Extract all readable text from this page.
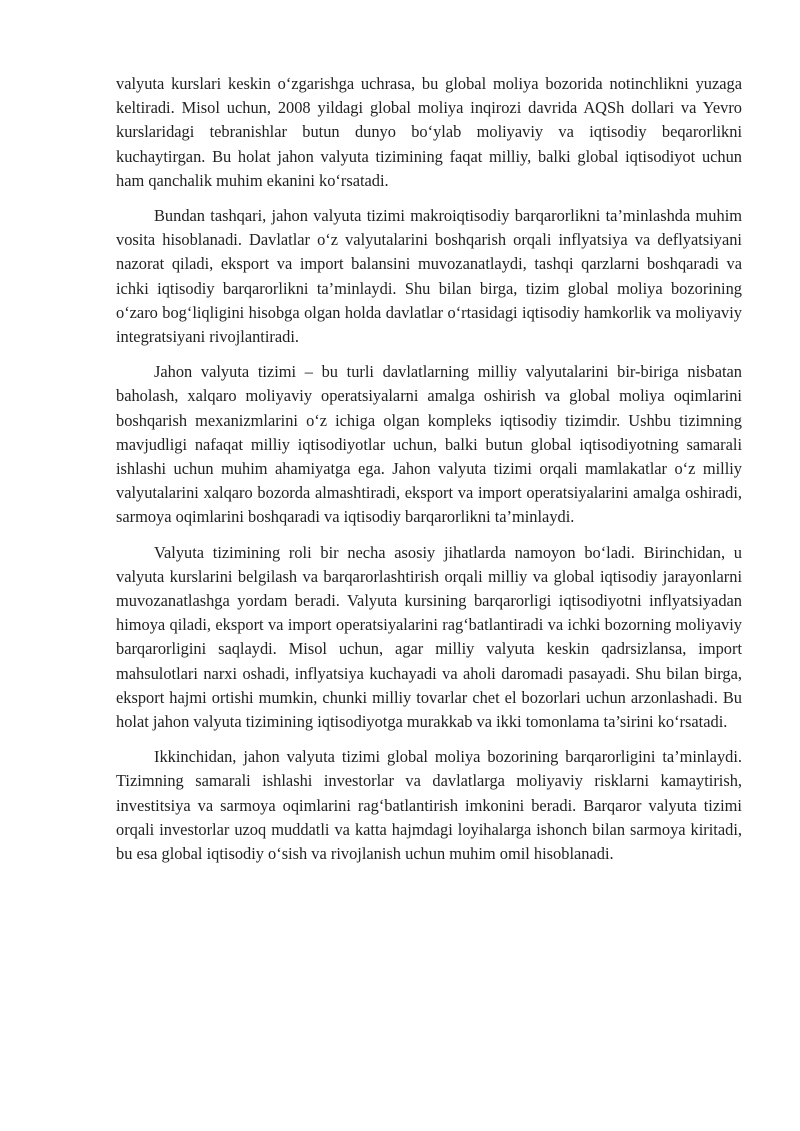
valyuta kurslari keskin o‘zgarishga uchrasa, bu global moliya bozorida notinchlikni yuzaga keltiradi. Misol uchun, 2008 yildagi global moliya inqirozi davrida AQSh dollari va Yevro kurslaridagi tebranishlar butun dunyo bo‘ylab moliyaviy va iqtisodiy beqarorlikni kuchaytirgan. Bu holat jahon valyuta tizimining faqat milliy, balki global iqtisodiyot uchun ham qanchalik muhim ekanini ko‘rsatadi.

Bundan tashqari, jahon valyuta tizimi makroiqtisodiy barqarorlikni ta’minlashda muhim vosita hisoblanadi. Davlatlar o‘z valyutalarini boshqarish orqali inflyatsiya va deflyatsiyani nazorat qiladi, eksport va import balansini muvozanatlaydi, tashqi qarzlarni boshqaradi va ichki iqtisodiy barqarorlikni ta’minlaydi. Shu bilan birga, tizim global moliya bozorining o‘zaro bog‘liqligini hisobga olgan holda davlatlar o‘rtasidagi iqtisodiy hamkorlik va moliyaviy integratsiyani rivojlantiradi.

Jahon valyuta tizimi – bu turli davlatlarning milliy valyutalarini bir-biriga nisbatan baholash, xalqaro moliyaviy operatsiyalarni amalga oshirish va global moliya oqimlarini boshqarish mexanizmlarini o‘z ichiga olgan kompleks iqtisodiy tizimdir. Ushbu tizimning mavjudligi nafaqat milliy iqtisodiyotlar uchun, balki butun global iqtisodiyotning samarali ishlashi uchun muhim ahamiyatga ega. Jahon valyuta tizimi orqali mamlakatlar o‘z milliy valyutalarini xalqaro bozorda almashtiradi, eksport va import operatsiyalarini amalga oshiradi, sarmoya oqimlarini boshqaradi va iqtisodiy barqarorlikni ta’minlaydi.

Valyuta tizimining roli bir necha asosiy jihatlarda namoyon bo‘ladi. Birinchidan, u valyuta kurslarini belgilash va barqarorlashtirish orqali milliy va global iqtisodiy jarayonlarni muvozanatlashga yordam beradi. Valyuta kursining barqarorligi iqtisodiyotni inflyatsiyadan himoya qiladi, eksport va import operatsiyalarini rag‘batlantiradi va ichki bozorning moliyaviy barqarorligini saqlaydi. Misol uchun, agar milliy valyuta keskin qadrsizlansa, import mahsulotlari narxi oshadi, inflyatsiya kuchayadi va aholi daromadi pasayadi. Shu bilan birga, eksport hajmi ortishi mumkin, chunki milliy tovarlar chet el bozorlari uchun arzonlashadi. Bu holat jahon valyuta tizimining iqtisodiyotga murakkab va ikki tomonlama ta’sirini ko‘rsatadi.

Ikkinchidan, jahon valyuta tizimi global moliya bozorining barqarorligini ta’minlaydi. Tizimning samarali ishlashi investorlar va davlatlarga moliyaviy risklarni kamaytirish, investitsiya va sarmoya oqimlarini rag‘batlantirish imkonini beradi. Barqaror valyuta tizimi orqali investorlar uzoq muddatli va katta hajmdagi loyihalarga ishonch bilan sarmoya kiritadi, bu esa global iqtisodiy o‘sish va rivojlanish uchun muhim omil hisoblanadi.
